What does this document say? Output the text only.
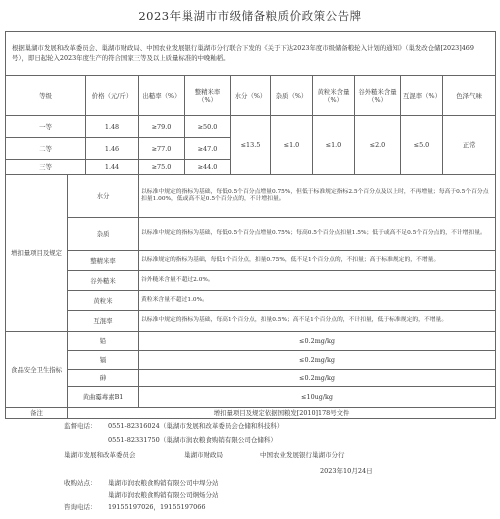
2023年巢湖市市级储备粮质价政策公告牌
根据巢湖市发展和改革委员会、巢湖市财政局、中国农业发展银行巢湖市分行联合下发的《关于下达2023年度市级储备粮轮入计划的通知》（巢发改仓储[2023]469号），即日起轮入2023年度生产的符合国家三等及以上质量标准的中晚籼稻。										
等级		价格（元/斤）	出糙率（%）	整精米率（%）	水分（%）	杂质（%）	黄粒米含量（%）	谷外糙米含量（%）	互混率（%）	色泽气味
一等		1.48	≥79.0	≥50.0	≤13.5	≤1.0	≤1.0	≤2.0	≤5.0	正常
二等		1.46	≥77.0	≥47.0						
三等		1.44	≥75.0	≥44.0						
增扣量项目及规定	水分		以标准中规定的指标为基础，每低0.5个百分点增量0.75%，但低于标准规定指标2.5个百分点及以上时，不再增量；每高于0.5个百分点扣量1.00%，低或高不足0.5个百分点的，不计增扣量。							
	杂质		以标准中规定的指标为基础，每低0.5个百分点增量0.75%；每高0.5个百分点扣量1.5%；低于或高不足0.5个百分点的，不计增扣量。							
	整精米率		以标准规定的指标为基础，每低1个百分点，扣量0.75%，低不足1个百分点的，不扣量；高于标准规定的，不增量。							
	谷外糙米		谷外糙米含量不超过2.0%。							
	黄粒米		黄粒米含量不超过1.0%。							
	互混率		以标准中规定的指标为基础，每高1个百分点，扣量0.5%；高不足1个百分点的，不计扣量，低于标准规定的，不增量。							
食品安全卫生指标	铅		≤0.2mg/kg							
	镉		≤0.2mg/kg							
	砷		≤0.2mg/kg							
	黄曲霉毒素B1		≤10ug/kg							
备注	增扣量项目及规定依据国粮发[2010]178号文件									
监督电话： 0551-82316024（巢湖市发展和改革委员会仓储和科技科）
0551-82331750（巢湖市润农粮食购销有限公司仓储科）
巢湖市发展和改革委员会	巢湖市财政局	中国农业发展银行巢湖市分行
2023年10月24日
收购站点： 巢湖市润农粮食购销有限公司中垾分站
巢湖市润农粮食购销有限公司烔炀分站
咨询电话： 19155197026，19155197066
